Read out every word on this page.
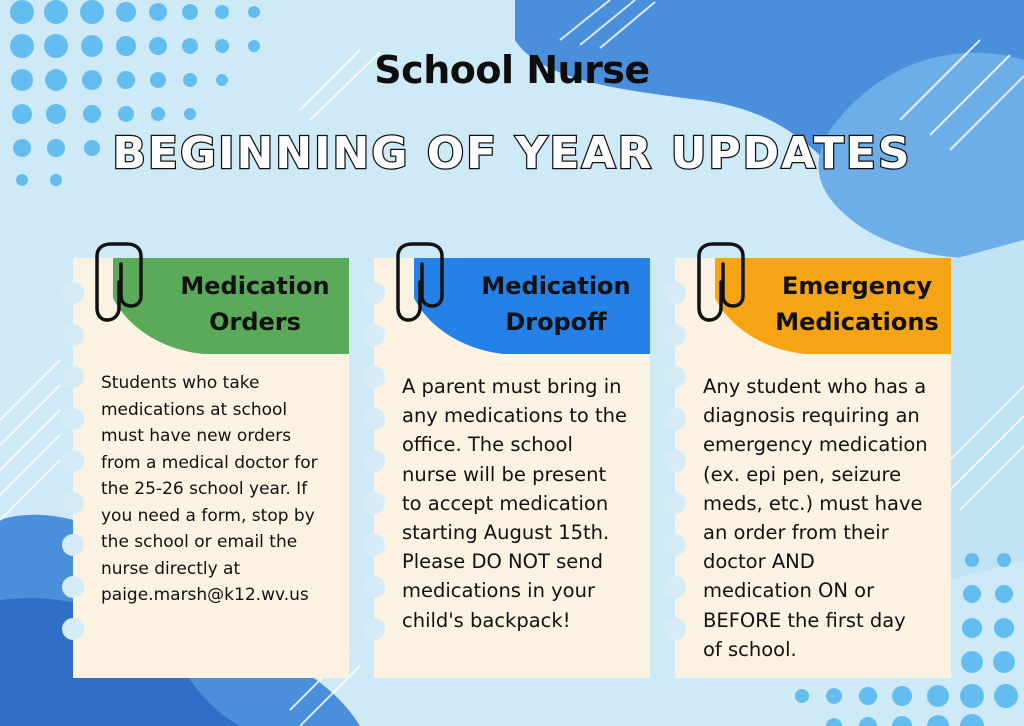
School Nurse
BEGINNING OF YEAR UPDATES
Medication
Orders
Students who take
medications at school
must have new orders
from a medical doctor for
the 25-26 school year. If
you need a form, stop by
the school or email the
nurse directly at
paige.marsh@k12.wv.us
Medication
Dropoff
A parent must bring in
any medications to the
office. The school
nurse will be present
to accept medication
starting August 15th.
Please DO NOT send
medications in your
child's backpack!
Emergency
Medications
Any student who has a
diagnosis requiring an
emergency medication
(ex. epi pen, seizure
meds, etc.) must have
an order from their
doctor AND
medication ON or
BEFORE the first day
of school.
